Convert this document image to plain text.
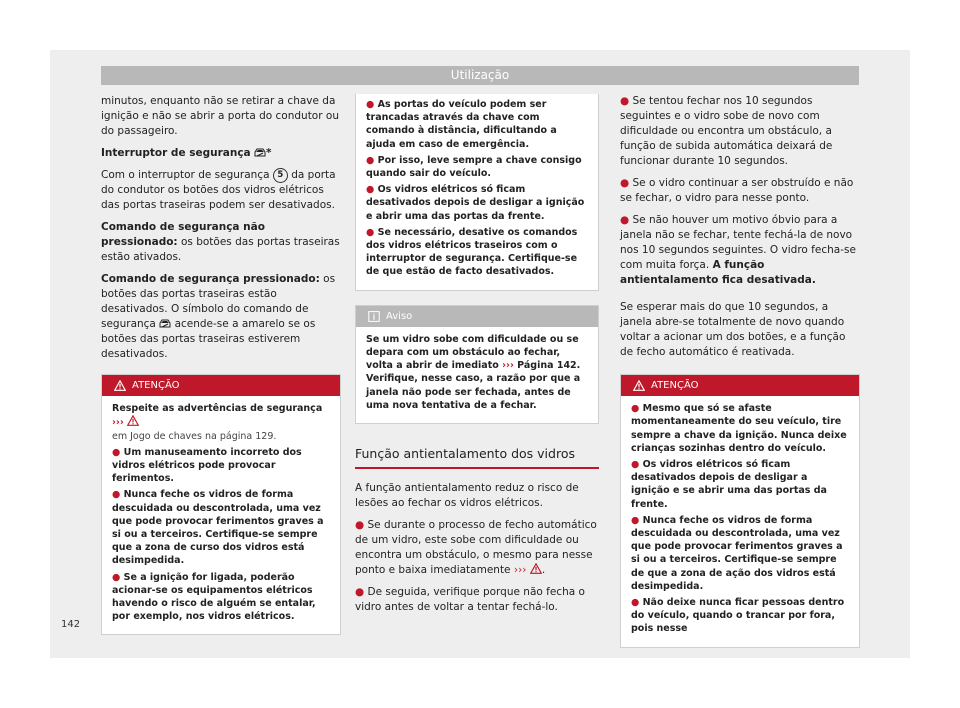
Utilização

minutos, enquanto não se retirar a chave da ignição e não se abrir a porta do condutor ou do passageiro.

Interruptor de segurança *

Com o interruptor de segurança 5 da porta do condutor os botões dos vidros elétricos das portas traseiras podem ser desativados.

Comando de segurança não pressionado: os botões das portas traseiras estão ativados.

Comando de segurança pressionado: os botões das portas traseiras estão desativados. O símbolo do comando de segurança acende-se a amarelo se os botões das portas traseiras estiverem desativados.

ATENÇÃO

Respeite as advertências de segurança ›››
em Jogo de chaves na página 129.

● Um manuseamento incorreto dos vidros elétricos pode provocar ferimentos.

● Nunca feche os vidros de forma descuidada ou descontrolada, uma vez que pode provocar ferimentos graves a si ou a terceiros. Certifique-se sempre que a zona de curso dos vidros está desimpedida.

● Se a ignição for ligada, poderão acionar-se os equipamentos elétricos havendo o risco de alguém se entalar, por exemplo, nos vidros elétricos.

● As portas do veículo podem ser trancadas através da chave com comando à distância, dificultando a ajuda em caso de emergência.

● Por isso, leve sempre a chave consigo quando sair do veículo.

● Os vidros elétricos só ficam desativados depois de desligar a ignição e abrir uma das portas da frente.

● Se necessário, desative os comandos dos vidros elétricos traseiros com o interruptor de segurança. Certifique-se de que estão de facto desativados.

Aviso

Se um vidro sobe com dificuldade ou se depara com um obstáculo ao fechar, volta a abrir de imediato ››› Página 142. Verifique, nesse caso, a razão por que a janela não pode ser fechada, antes de uma nova tentativa de a fechar.

Função antientalamento dos vidros

A função antientalamento reduz o risco de lesões ao fechar os vidros elétricos.

● Se durante o processo de fecho automático de um vidro, este sobe com dificuldade ou encontra um obstáculo, o mesmo para nesse ponto e baixa imediatamente ››› .

● De seguida, verifique porque não fecha o vidro antes de voltar a tentar fechá-lo.

● Se tentou fechar nos 10 segundos seguintes e o vidro sobe de novo com dificuldade ou encontra um obstáculo, a função de subida automática deixará de funcionar durante 10 segundos.

● Se o vidro continuar a ser obstruído e não se fechar, o vidro para nesse ponto.

● Se não houver um motivo óbvio para a janela não se fechar, tente fechá-la de novo nos 10 segundos seguintes. O vidro fecha-se com muita força. A função antientalamento fica desativada.

Se esperar mais do que 10 segundos, a janela abre-se totalmente de novo quando voltar a acionar um dos botões, e a função de fecho automático é reativada.

ATENÇÃO

● Mesmo que só se afaste momentaneamente do seu veículo, tire sempre a chave da ignição. Nunca deixe crianças sozinhas dentro do veículo.

● Os vidros elétricos só ficam desativados depois de desligar a ignição e se abrir uma das portas da frente.

● Nunca feche os vidros de forma descuidada ou descontrolada, uma vez que pode provocar ferimentos graves a si ou a terceiros. Certifique-se sempre de que a zona de ação dos vidros está desimpedida.

● Não deixe nunca ficar pessoas dentro do veículo, quando o trancar por fora, pois nesse

142
